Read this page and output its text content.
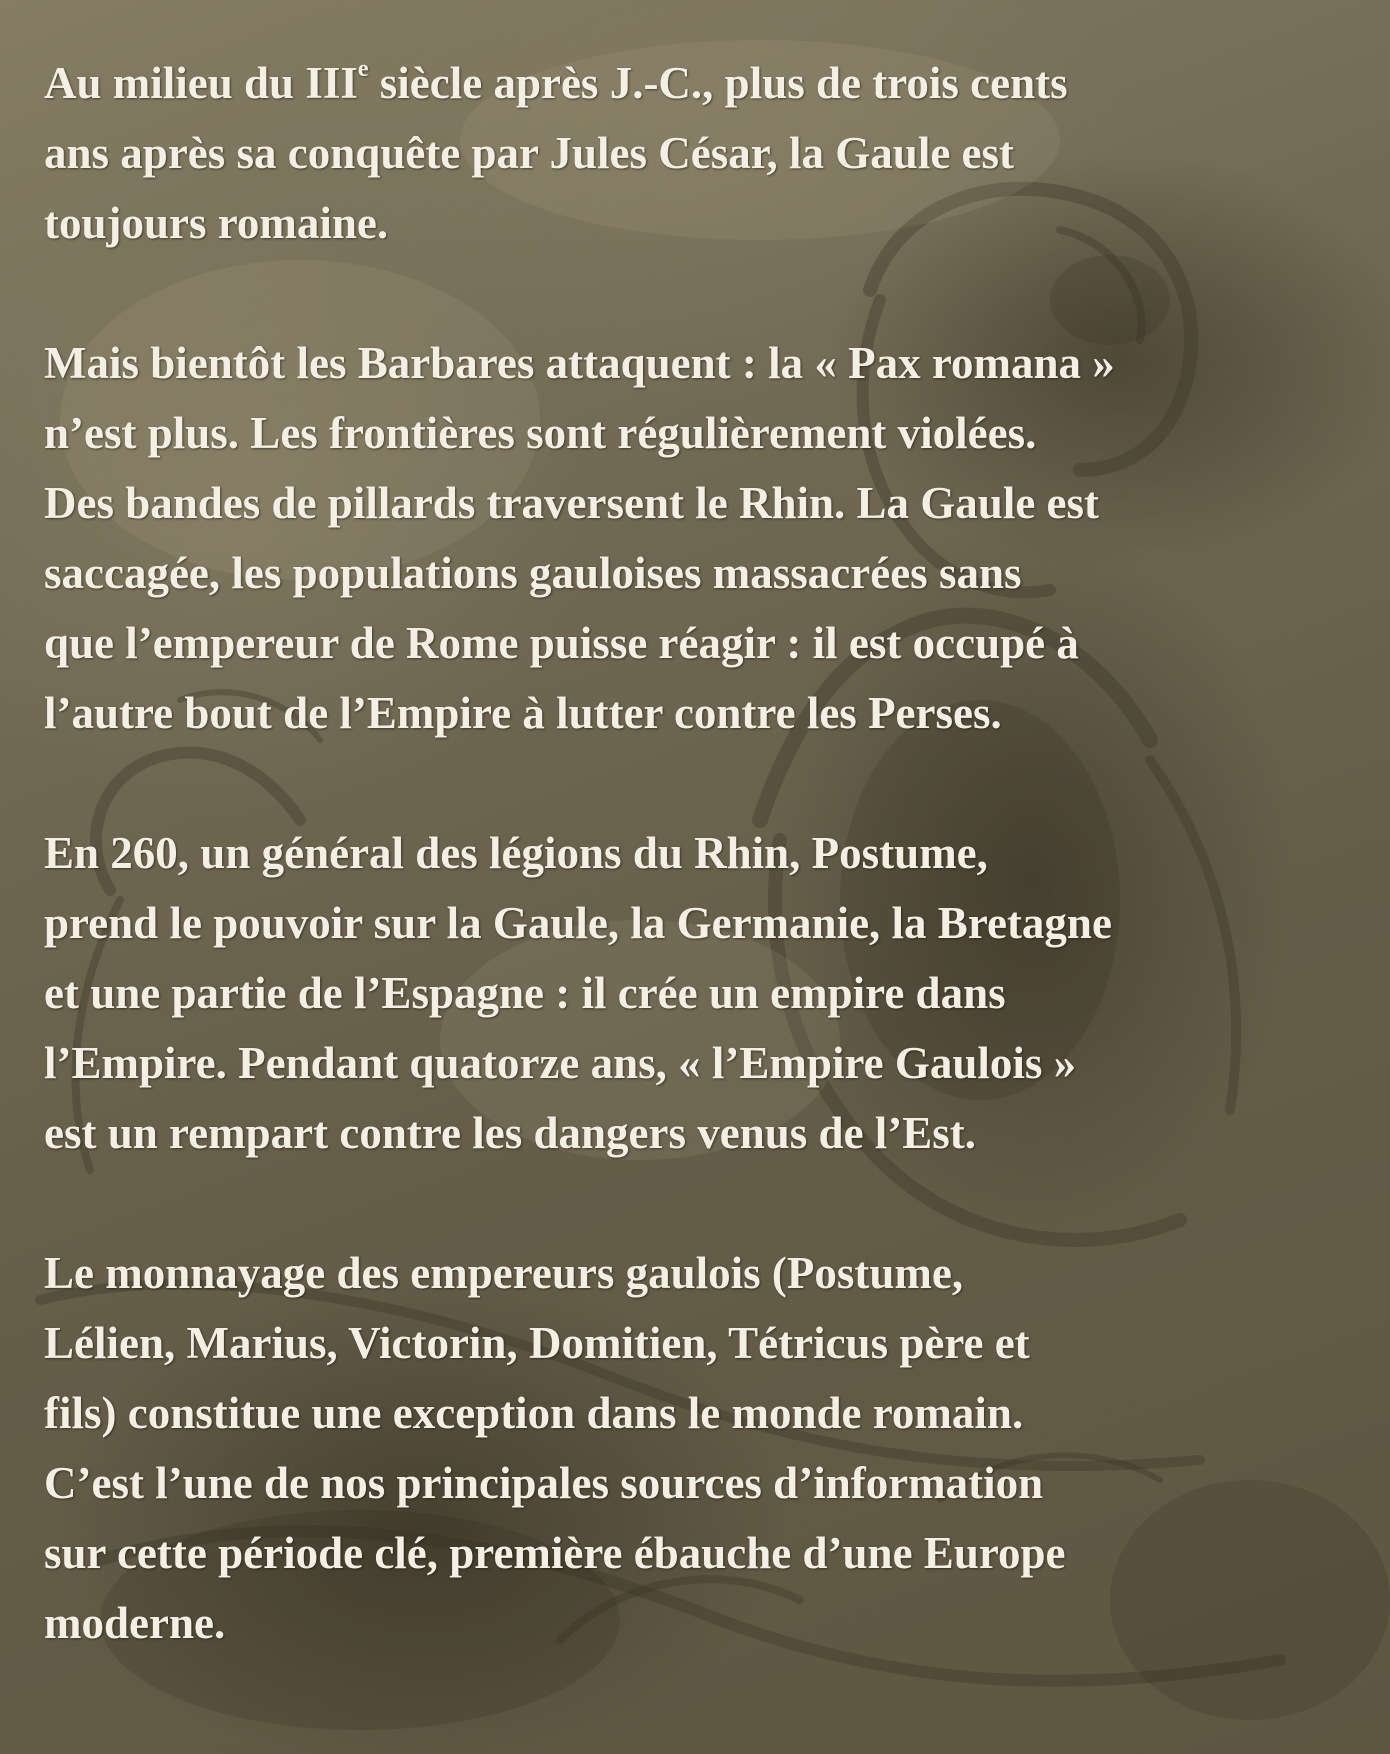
Au milieu du IIIe siècle après J.-C., plus de trois cents
ans après sa conquête par Jules César, la Gaule est
toujours romaine.

Mais bientôt les Barbares attaquent : la « Pax romana »
n’est plus. Les frontières sont régulièrement violées.
Des bandes de pillards traversent le Rhin. La Gaule est
saccagée, les populations gauloises massacrées sans
que l’empereur de Rome puisse réagir : il est occupé à
l’autre bout de l’Empire à lutter contre les Perses.

En 260, un général des légions du Rhin, Postume,
prend le pouvoir sur la Gaule, la Germanie, la Bretagne
et une partie de l’Espagne : il crée un empire dans
l’Empire. Pendant quatorze ans, « l’Empire Gaulois »
est un rempart contre les dangers venus de l’Est.

Le monnayage des empereurs gaulois (Postume,
Lélien, Marius, Victorin, Domitien, Tétricus père et
fils) constitue une exception dans le monde romain.
C’est l’une de nos principales sources d’information
sur cette période clé, première ébauche d’une Europe
moderne.
